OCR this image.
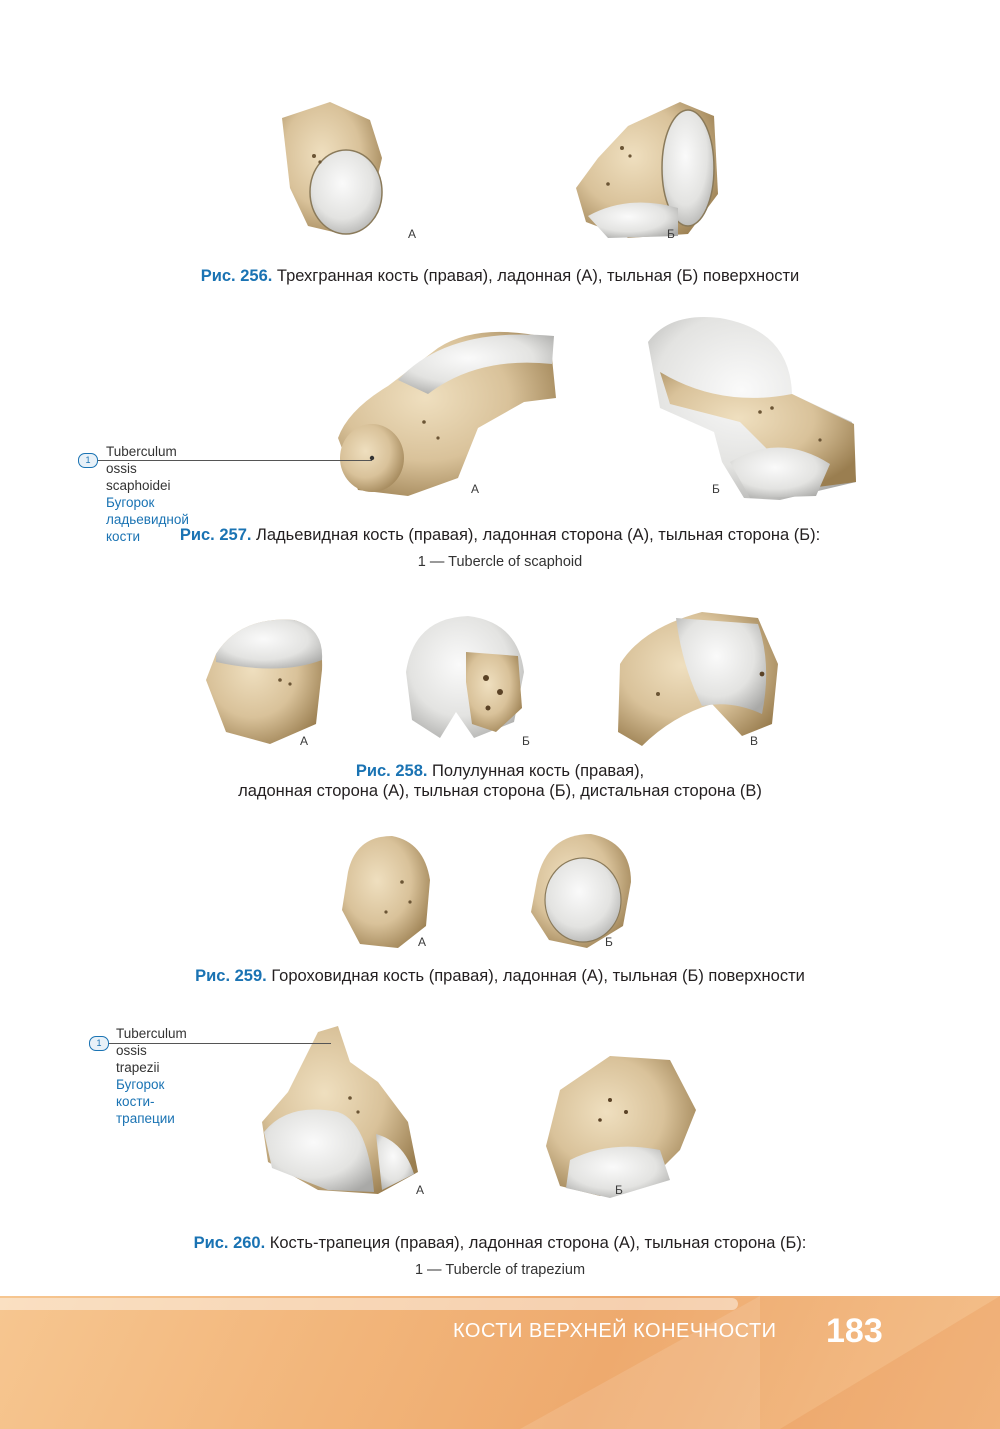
А	Б
Рис. 256. Трехгранная кость (правая), ладонная (А), тыльная (Б) поверхности
А	Б
1
Tuberculum ossis scaphoidei
Бугорок ладьевидной кости	Рис. 257. Ладьевидная кость (правая), ладонная сторона (А), тыльная сторона (Б):
1 — Tubercle of scaphoid
А	Б	В
Рис. 258. Полулунная кость (правая),
ладонная сторона (А), тыльная сторона (Б), дистальная сторона (В)
А	Б
Рис. 259. Гороховидная кость (правая), ладонная (А), тыльная (Б) поверхности
А	Б
1
Tuberculum ossis trapezii
Бугорок кости-трапеции
Рис. 260. Кость-трапеция (правая), ладонная сторона (А), тыльная сторона (Б):
1 — Tubercle of trapezium
КОСТИ ВЕРХНЕЙ КОНЕЧНОСТИ 183
